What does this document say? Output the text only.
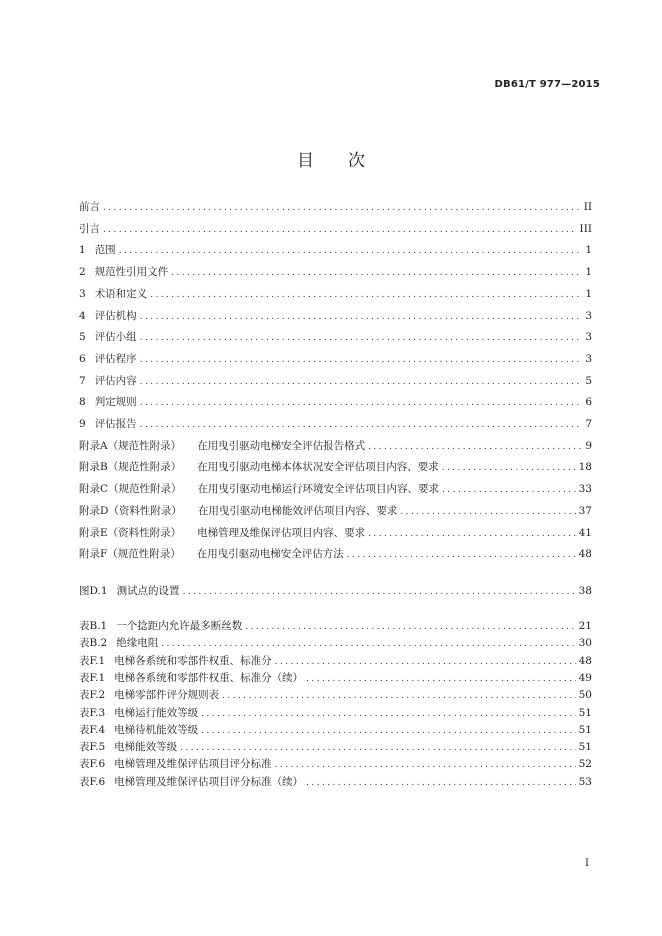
DB61/T 977—2015
目 次
前言 .....	II
引言 .....	III
1 范围 .....	1
2 规范性引用文件 .....	1
3 术语和定义 .....	1
4 评估机构 .....	3
5 评估小组 .....	3
6 评估程序 .....	3
7 评估内容 .....	5
8 判定规则 .....	6
9 评估报告 .....	7
附录A（规范性附录） 在用曳引驱动电梯安全评估报告格式 .....	9
附录B（规范性附录） 在用曳引驱动电梯本体状况安全评估项目内容、要求 .....	18
附录C（规范性附录） 在用曳引驱动电梯运行环境安全评估项目内容、要求 .....	33
附录D（资料性附录） 在用曳引驱动电梯能效评估项目内容、要求 .....	37
附录E（资料性附录） 电梯管理及维保评估项目内容、要求 .....	41
附录F（规范性附录） 在用曳引驱动电梯安全评估方法 .....	48
图D.1 测试点的设置 .....	38
表B.1 一个捻距内允许最多断丝数 .....	21
表B.2 绝缘电阻 .....	30
表F.1 电梯各系统和零部件权重、标准分 .....	48
表F.1 电梯各系统和零部件权重、标准分（续） .....	49
表F.2 电梯零部件评分规则表 .....	50
表F.3 电梯运行能效等级 .....	51
表F.4 电梯待机能效等级 .....	51
表F.5 电梯能效等级 .....	51
表F.6 电梯管理及维保评估项目评分标准 .....	52
表F.6 电梯管理及维保评估项目评分标准（续） .....	53
I
